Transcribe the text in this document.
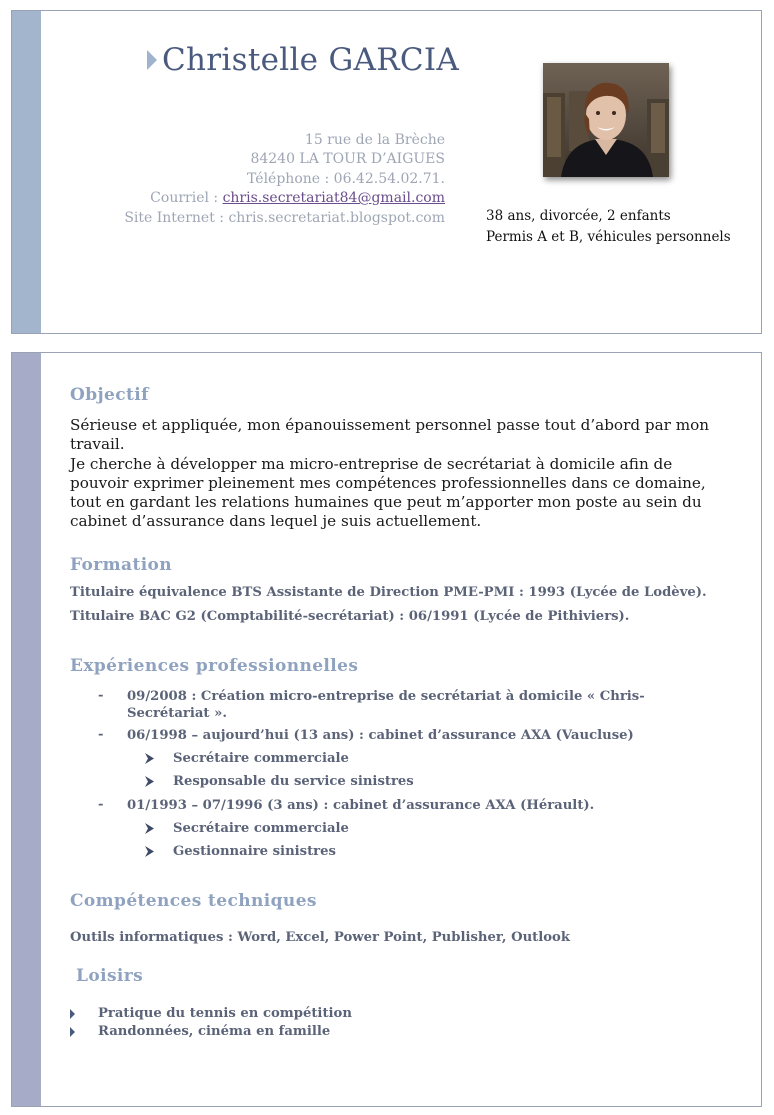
Christelle GARCIA
15 rue de la Brèche
84240 LA TOUR D’AIGUES
Téléphone : 06.42.54.02.71.
Courriel : chris.secretariat84@gmail.com
Site Internet : chris.secretariat.blogspot.com	38 ans, divorcée, 2 enfants
Permis A et B, véhicules personnels
Objectif

Sérieuse et appliquée, mon épanouissement personnel passe tout d’abord par mon travail.

Je cherche à développer ma micro-entreprise de secrétariat à domicile afin de pouvoir exprimer pleinement mes compétences professionnelles dans ce domaine, tout en gardant les relations humaines que peut m’apporter mon poste au sein du cabinet d’assurance dans lequel je suis actuellement.

Formation
Titulaire équivalence BTS Assistante de Direction PME-PMI : 1993 (Lycée de Lodève).
Titulaire BAC G2 (Comptabilité-secrétariat) : 06/1991 (Lycée de Pithiviers).
Expériences professionnelles
- 09/2008 : Création micro-entreprise de secrétariat à domicile « Chris-Secrétariat ».
- 06/1998 – aujourd’hui (13 ans) : cabinet d’assurance AXA (Vaucluse)
Secrétaire commerciale
Responsable du service sinistres
- 01/1993 – 07/1996 (3 ans) : cabinet d’assurance AXA (Hérault).
Secrétaire commerciale
Gestionnaire sinistres
Compétences techniques
Outils informatiques : Word, Excel, Power Point, Publisher, Outlook
Loisirs
Pratique du tennis en compétition
Randonnées, cinéma en famille
